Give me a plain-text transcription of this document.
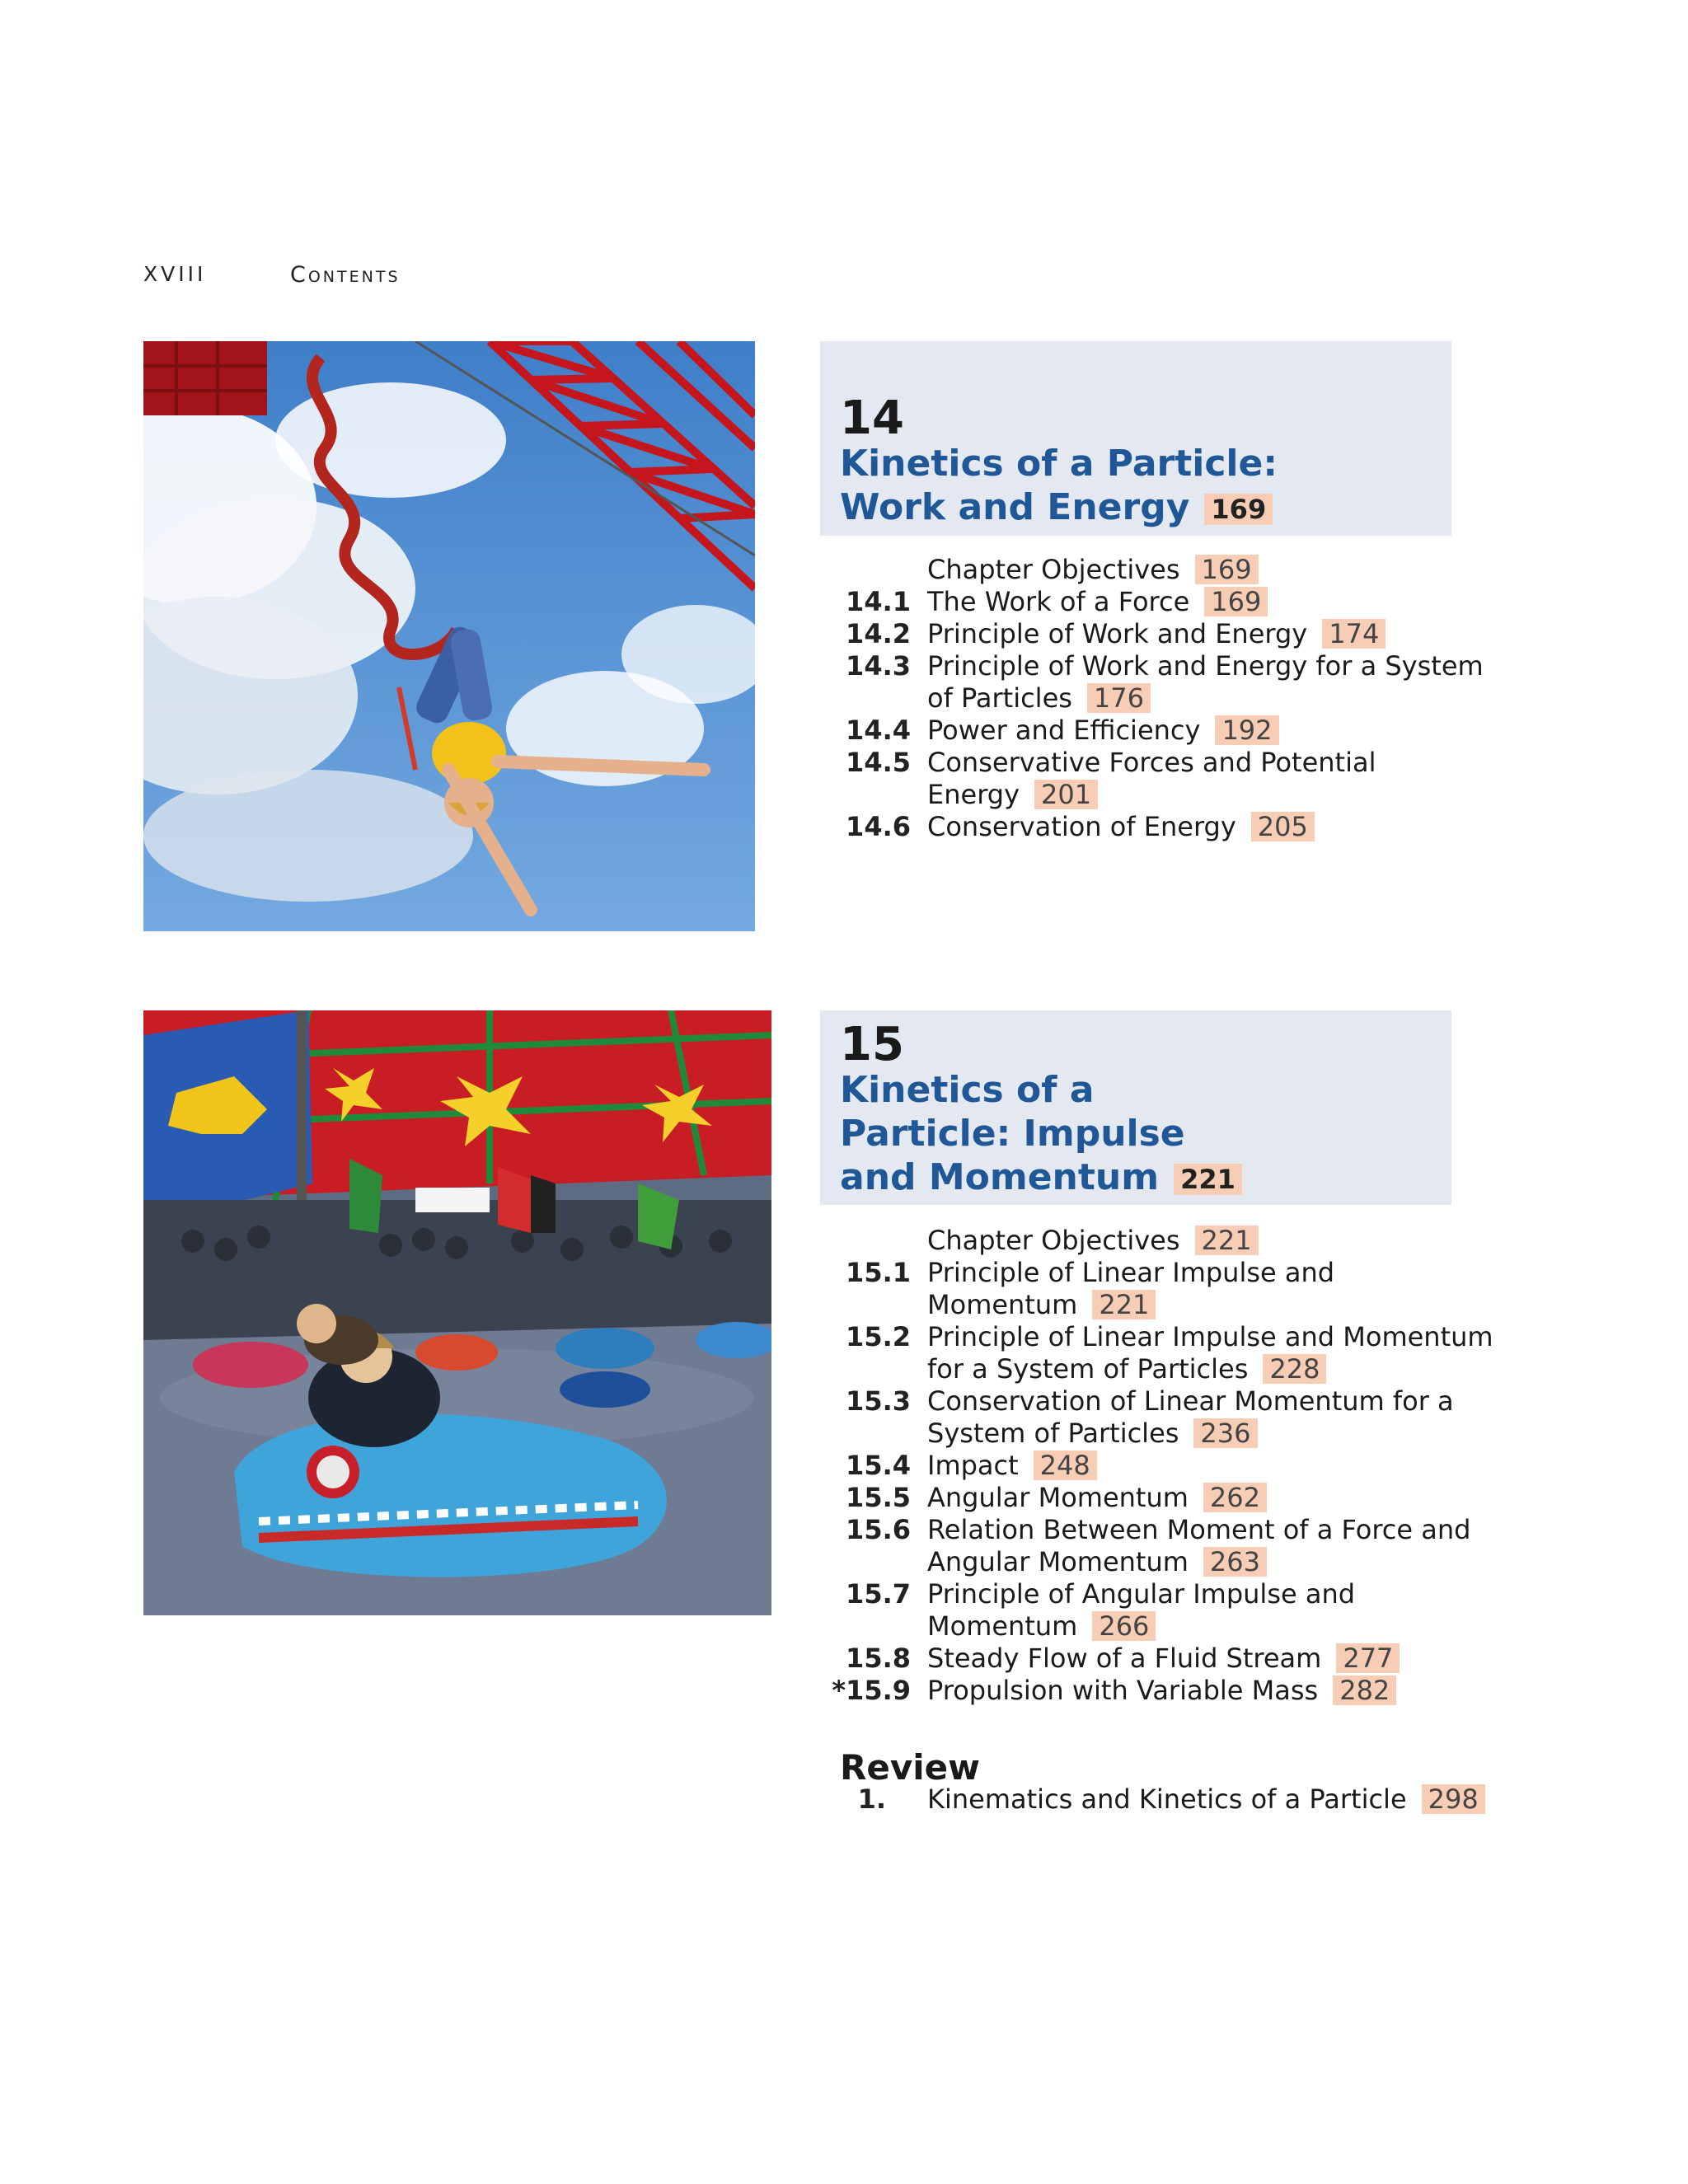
XVIII	Contents
14
Kinetics of a Particle:
Work and Energy 169
Chapter Objectives 169
14.1 The Work of a Force 169
14.2 Principle of Work and Energy 174
14.3 Principle of Work and Energy for a System
of Particles 176
14.4 Power and Efficiency 192
14.5 Conservative Forces and Potential
Energy 201
14.6 Conservation of Energy 205
15
Kinetics of a
Particle: Impulse
and Momentum 221
Chapter Objectives 221
15.1 Principle of Linear Impulse and
Momentum 221
15.2 Principle of Linear Impulse and Momentum
for a System of Particles 228
15.3 Conservation of Linear Momentum for a
System of Particles 236
15.4 Impact 248
15.5 Angular Momentum 262
15.6 Relation Between Moment of a Force and
Angular Momentum 263
15.7 Principle of Angular Impulse and
Momentum 266
15.8 Steady Flow of a Fluid Stream 277
*15.9 Propulsion with Variable Mass 282
Review
1. Kinematics and Kinetics of a Particle 298
